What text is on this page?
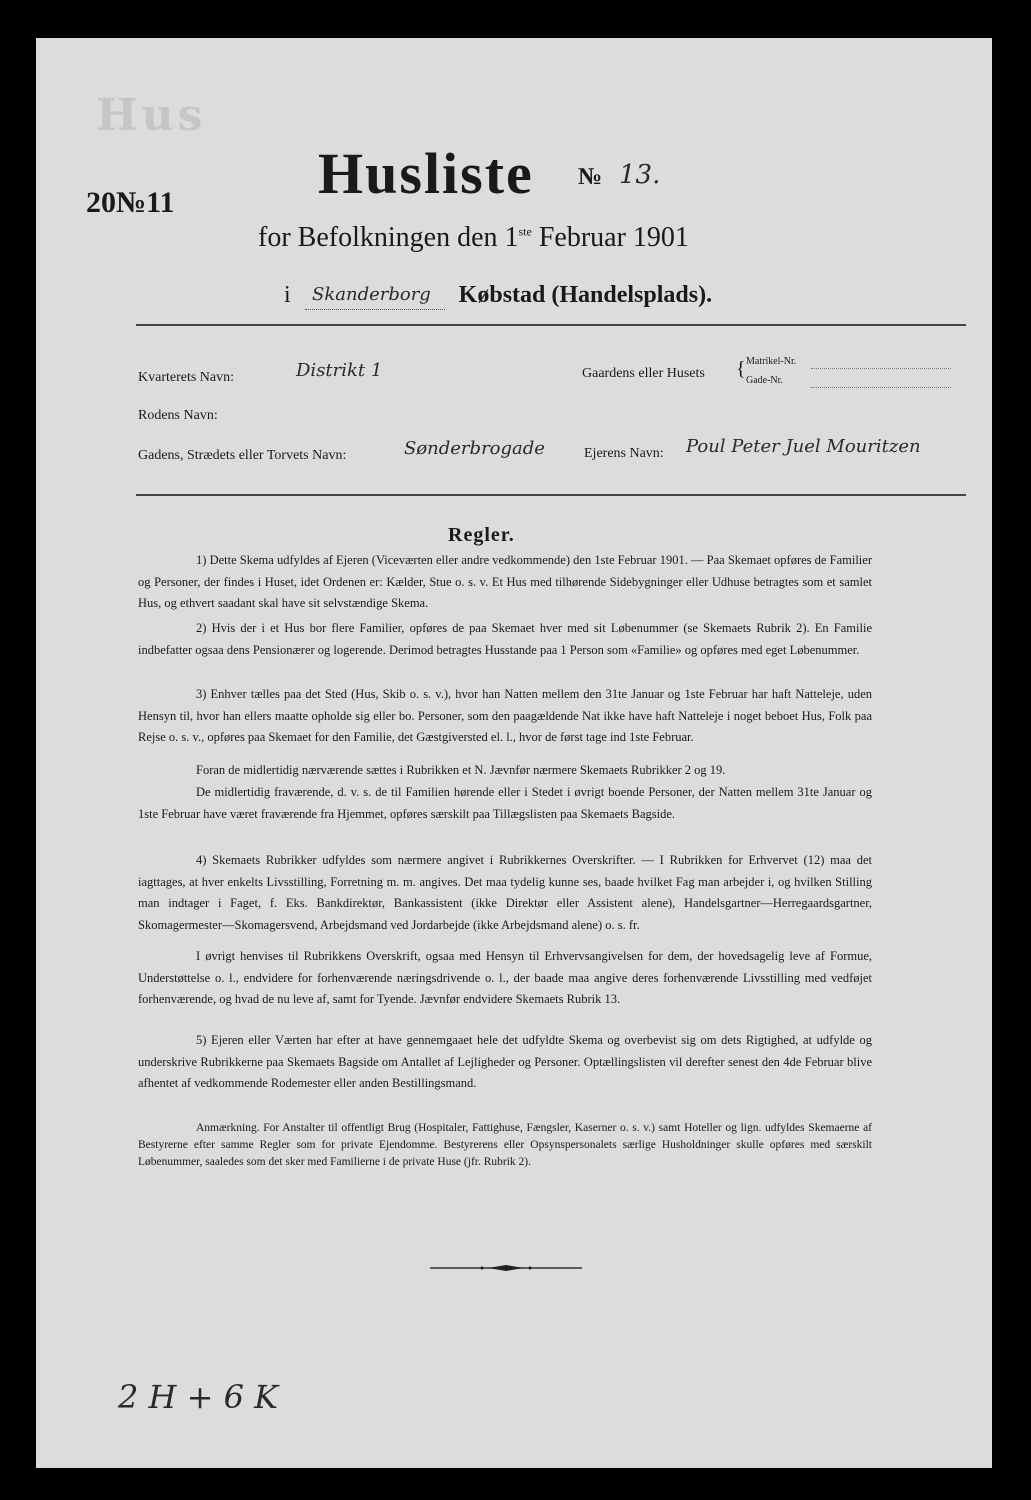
Hus
20№11 Husliste № 13.
for Befolkningen den 1ste Februar 1901
i	Købstad (Handelsplads).
Skanderborg
Kvarterets Navn:	Distrikt 1	Gaardens eller Husets { Matrikel-Nr.
Gade-Nr.
Rodens Navn:
Gadens, Strædets eller Torvets Navn:	Sønderbrogade	Ejerens Navn: Poul Peter Juel Mouritzen
Regler.
1) Dette Skema udfyldes af Ejeren (Viceværten eller andre vedkommende) den 1ste Februar 1901. — Paa Skemaet opføres de Familier og Personer, der findes i Huset, idet Ordenen er: Kælder, Stue o. s. v. Et Hus med tilhørende Sidebygninger eller Udhuse betragtes som et samlet Hus, og ethvert saadant skal have sit selvstændige Skema.
2) Hvis der i et Hus bor flere Familier, opføres de paa Skemaet hver med sit Løbenummer (se Skemaets Rubrik 2). En Familie indbefatter ogsaa dens Pensionærer og logerende. Derimod betragtes Husstande paa 1 Person som «Familie» og opføres med eget Løbenummer.
3) Enhver tælles paa det Sted (Hus, Skib o. s. v.), hvor han Natten mellem den 31te Januar og 1ste Februar har haft Natteleje, uden Hensyn til, hvor han ellers maatte opholde sig eller bo. Personer, som den paagældende Nat ikke have haft Natteleje i noget beboet Hus, Folk paa Rejse o. s. v., opføres paa Skemaet for den Familie, det Gæstgiversted el. l., hvor de først tage ind 1ste Februar.
Foran de midlertidig nærværende sættes i Rubrikken et N. Jævnfør nærmere Skemaets Rubrikker 2 og 19.
De midlertidig fraværende, d. v. s. de til Familien hørende eller i Stedet i øvrigt boende Personer, der Natten mellem 31te Januar og 1ste Februar have været fraværende fra Hjemmet, opføres særskilt paa Tillægslisten paa Skemaets Bagside.
4) Skemaets Rubrikker udfyldes som nærmere angivet i Rubrikkernes Overskrifter. — I Rubrikken for Erhvervet (12) maa det iagttages, at hver enkelts Livsstilling, Forretning m. m. angives. Det maa tydelig kunne ses, baade hvilket Fag man arbejder i, og hvilken Stilling man indtager i Faget, f. Eks. Bankdirektør, Bankassistent (ikke Direktør eller Assistent alene), Handelsgartner—Herregaardsgartner, Skomagermester—Skomagersvend, Arbejdsmand ved Jordarbejde (ikke Arbejdsmand alene) o. s. fr.
I øvrigt henvises til Rubrikkens Overskrift, ogsaa med Hensyn til Erhvervsangivelsen for dem, der hovedsagelig leve af Formue, Understøttelse o. l., endvidere for forhenværende næringsdrivende o. l., der baade maa angive deres forhenværende Livsstilling med vedføjet forhenværende, og hvad de nu leve af, samt for Tyende. Jævnfør endvidere Skemaets Rubrik 13.
5) Ejeren eller Værten har efter at have gennemgaaet hele det udfyldte Skema og overbevist sig om dets Rigtighed, at udfylde og underskrive Rubrikkerne paa Skemaets Bagside om Antallet af Lejligheder og Personer. Optællingslisten vil derefter senest den 4de Februar blive afhentet af vedkommende Rodemester eller anden Bestillingsmand.
Anmærkning. For Anstalter til offentligt Brug (Hospitaler, Fattighuse, Fængsler, Kaserner o. s. v.) samt Hoteller og lign. udfyldes Skemaerne af Bestyrerne efter samme Regler som for private Ejendomme. Bestyrerens eller Opsynspersonalets særlige Husholdninger skulle opføres med særskilt Løbenummer, saaledes som det sker med Familierne i de private Huse (jfr. Rubrik 2).
2 H + 6 K
